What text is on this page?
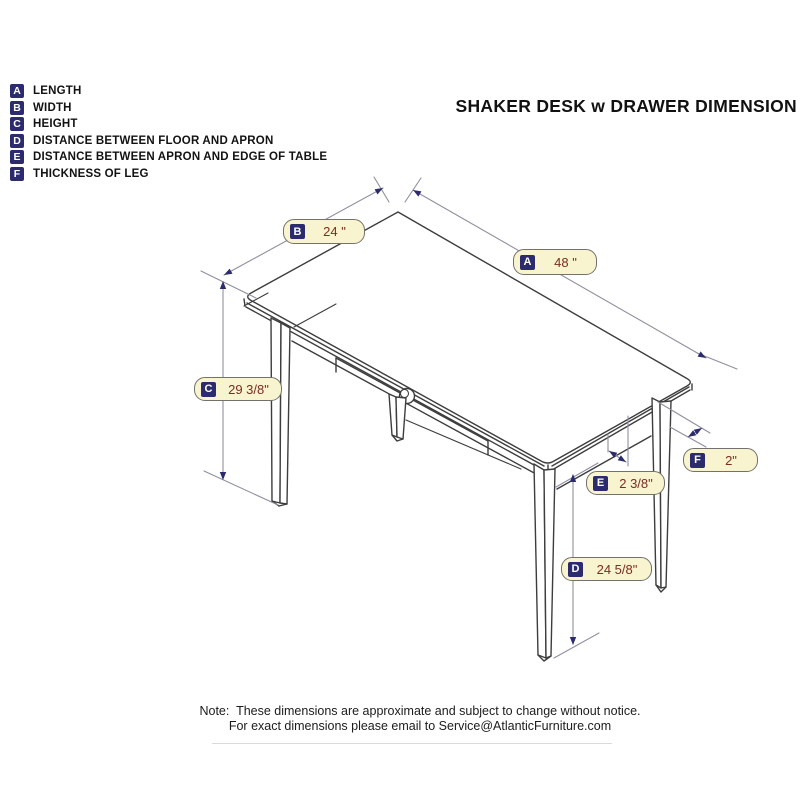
SHAKER DESK w DRAWER DIMENSION
A LENGTH
B WIDTH
C HEIGHT
D DISTANCE BETWEEN FLOOR AND APRON
E	DISTANCE BETWEEN APRON AND EDGE OF TABLE
F	THICKNESS OF LEG
B	24 "
A	48 "
C	29 3/8"
F	2"
E	2 3/8"
D	24 5/8"
Note:  These dimensions are approximate and subject to change without notice.
For exact dimensions please email to Service@AtlanticFurniture.com
